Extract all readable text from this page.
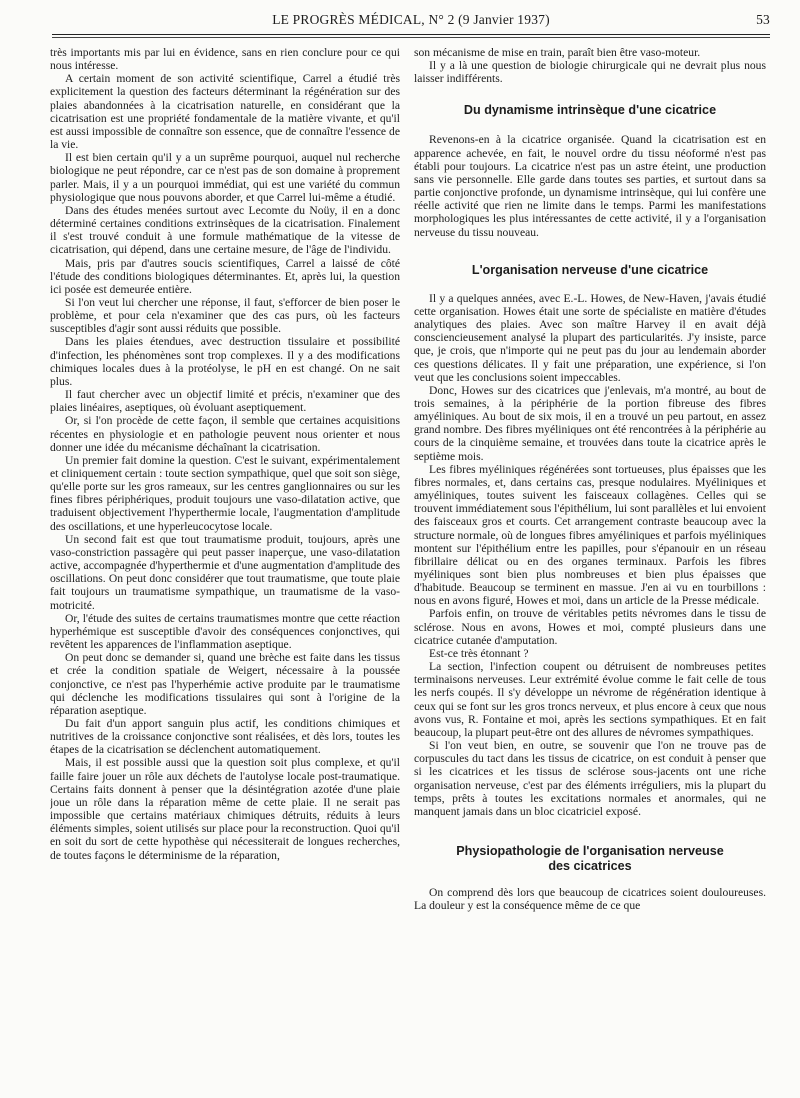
LE PROGRÈS MÉDICAL, N° 2 (9 Janvier 1937)	53

très importants mis par lui en évidence, sans en rien conclure pour ce qui nous intéresse.

A certain moment de son activité scientifique, Carrel a étudié très explicitement la question des facteurs déterminant la régénération sur des plaies abandonnées à la cicatrisation naturelle, en considérant que la cicatrisation est une propriété fondamentale de la matière vivante, et qu'il est aussi impossible de connaître son essence, que de connaître l'essence de la vie.

Il est bien certain qu'il y a un suprême pourquoi, auquel nul recherche biologique ne peut répondre, car ce n'est pas de son domaine à proprement parler. Mais, il y a un pourquoi immédiat, qui est une variété du commun physiologique que nous pouvons aborder, et que Carrel lui-même a étudié.

Dans des études menées surtout avec Lecomte du Noüy, il en a donc déterminé certaines conditions extrinsèques de la cicatrisation. Finalement il s'est trouvé conduit à une formule mathématique de la vitesse de cicatrisation, qui dépend, dans une certaine mesure, de l'âge de l'individu.

Mais, pris par d'autres soucis scientifiques, Carrel a laissé de côté l'étude des conditions biologiques déterminantes. Et, après lui, la question ici posée est demeurée entière.

Si l'on veut lui chercher une réponse, il faut, s'efforcer de bien poser le problème, et pour cela n'examiner que des cas purs, où les facteurs susceptibles d'agir sont aussi réduits que possible.

Dans les plaies étendues, avec destruction tissulaire et possibilité d'infection, les phénomènes sont trop complexes. Il y a des modifications chimiques locales dues à la protéolyse, le pH en est changé. On ne sait plus.

Il faut chercher avec un objectif limité et précis, n'examiner que des plaies linéaires, aseptiques, où évoluant aseptiquement.

Or, si l'on procède de cette façon, il semble que certaines acquisitions récentes en physiologie et en pathologie peuvent nous orienter et nous donner une idée du mécanisme déchaînant la cicatrisation.

Un premier fait domine la question. C'est le suivant, expérimentalement et cliniquement certain : toute section sympathique, quel que soit son siège, qu'elle porte sur les gros rameaux, sur les centres ganglionnaires ou sur les fines fibres périphériques, produit toujours une vaso-dilatation active, que traduisent objectivement l'hyperthermie locale, l'augmentation d'amplitude des oscillations, et une hyperleucocytose locale.

Un second fait est que tout traumatisme produit, toujours, après une vaso-constriction passagère qui peut passer inaperçue, une vaso-dilatation active, accompagnée d'hyperthermie et d'une augmentation d'amplitude des oscillations. On peut donc considérer que tout traumatisme, que toute plaie fait toujours un traumatisme sympathique, un traumatisme de la vaso-motricité.

Or, l'étude des suites de certains traumatismes montre que cette réaction hyperhémique est susceptible d'avoir des conséquences conjonctives, qui revêtent les apparences de l'inflammation aseptique.

On peut donc se demander si, quand une brèche est faite dans les tissus et crée la condition spatiale de Weigert, nécessaire à la poussée conjonctive, ce n'est pas l'hyperhémie active produite par le traumatisme qui déclenche les modifications tissulaires qui sont à l'origine de la réparation aseptique.

Du fait d'un apport sanguin plus actif, les conditions chimiques et nutritives de la croissance conjonctive sont réalisées, et dès lors, toutes les étapes de la cicatrisation se déclenchent automatiquement.

Mais, il est possible aussi que la question soit plus complexe, et qu'il faille faire jouer un rôle aux déchets de l'autolyse locale post-traumatique. Certains faits donnent à penser que la désintégration azotée d'une plaie joue un rôle dans la réparation même de cette plaie. Il ne serait pas impossible que certains matériaux chimiques détruits, réduits à leurs éléments simples, soient utilisés sur place pour la reconstruction. Quoi qu'il en soit du sort de cette hypothèse qui nécessiterait de longues recherches, de toutes façons le déterminisme de la réparation,

son mécanisme de mise en train, paraît bien être vaso-moteur.

Il y a là une question de biologie chirurgicale qui ne devrait plus nous laisser indifférents.

Du dynamisme intrinsèque d'une cicatrice

Revenons-en à la cicatrice organisée. Quand la cicatrisation est en apparence achevée, en fait, le nouvel ordre du tissu néoformé n'est pas établi pour toujours. La cicatrice n'est pas un astre éteint, une production sans vie personnelle. Elle garde dans toutes ses parties, et surtout dans sa partie conjonctive profonde, un dynamisme intrinsèque, qui lui confère une réelle activité que rien ne limite dans le temps. Parmi les manifestations morphologiques les plus intéressantes de cette activité, il y a l'organisation nerveuse du tissu nouveau.

L'organisation nerveuse d'une cicatrice

Il y a quelques années, avec E.-L. Howes, de New-Haven, j'avais étudié cette organisation. Howes était une sorte de spécialiste en matière d'études analytiques des plaies. Avec son maître Harvey il en avait déjà consciencieusement analysé la plupart des particularités. J'y insiste, parce que, je crois, que n'importe qui ne peut pas du jour au lendemain aborder ces questions délicates. Il y fait une préparation, une expérience, si l'on veut que les conclusions soient impeccables.

Donc, Howes sur des cicatrices que j'enlevais, m'a montré, au bout de trois semaines, à la périphérie de la portion fibreuse des fibres amyéliniques. Au bout de six mois, il en a trouvé un peu partout, en assez grand nombre. Des fibres myéliniques ont été rencontrées à la périphérie au cours de la cinquième semaine, et trouvées dans toute la cicatrice après le septième mois.

Les fibres myéliniques régénérées sont tortueuses, plus épaisses que les fibres normales, et, dans certains cas, presque nodulaires. Myéliniques et amyéliniques, toutes suivent les faisceaux collagènes. Celles qui se trouvent immédiatement sous l'épithélium, lui sont parallèles et lui envoient des faisceaux gros et courts. Cet arrangement contraste beaucoup avec la structure normale, où de longues fibres amyéliniques et parfois myéliniques montent sur l'épithélium entre les papilles, pour s'épanouir en un réseau fibrillaire délicat ou en des organes terminaux. Parfois les fibres myéliniques sont bien plus nombreuses et bien plus épaisses que d'habitude. Beaucoup se terminent en massue. J'en ai vu en tourbillons : nous en avons figuré, Howes et moi, dans un article de la Presse médicale.

Parfois enfin, on trouve de véritables petits névromes dans le tissu de sclérose. Nous en avons, Howes et moi, compté plusieurs dans une cicatrice cutanée d'amputation.

Est-ce très étonnant ?

La section, l'infection coupent ou détruisent de nombreuses petites terminaisons nerveuses. Leur extrémité évolue comme le fait celle de tous les nerfs coupés. Il s'y développe un névrome de régénération identique à ceux qui se font sur les gros troncs nerveux, et plus encore à ceux que nous avons vus, R. Fontaine et moi, après les sections sympathiques. Et en fait beaucoup, la plupart peut-être ont des allures de névromes sympathiques.

Si l'on veut bien, en outre, se souvenir que l'on ne trouve pas de corpuscules du tact dans les tissus de cicatrice, on est conduit à penser que si les cicatrices et les tissus de sclérose sous-jacents ont une riche organisation nerveuse, c'est par des éléments irréguliers, mis la plupart du temps, prêts à toutes les excitations normales et anormales, qui ne manquent jamais dans un bloc cicatriciel exposé.

Physiopathologie de l'organisation nerveuse
des cicatrices

On comprend dès lors que beaucoup de cicatrices soient douloureuses. La douleur y est la conséquence même de ce que
